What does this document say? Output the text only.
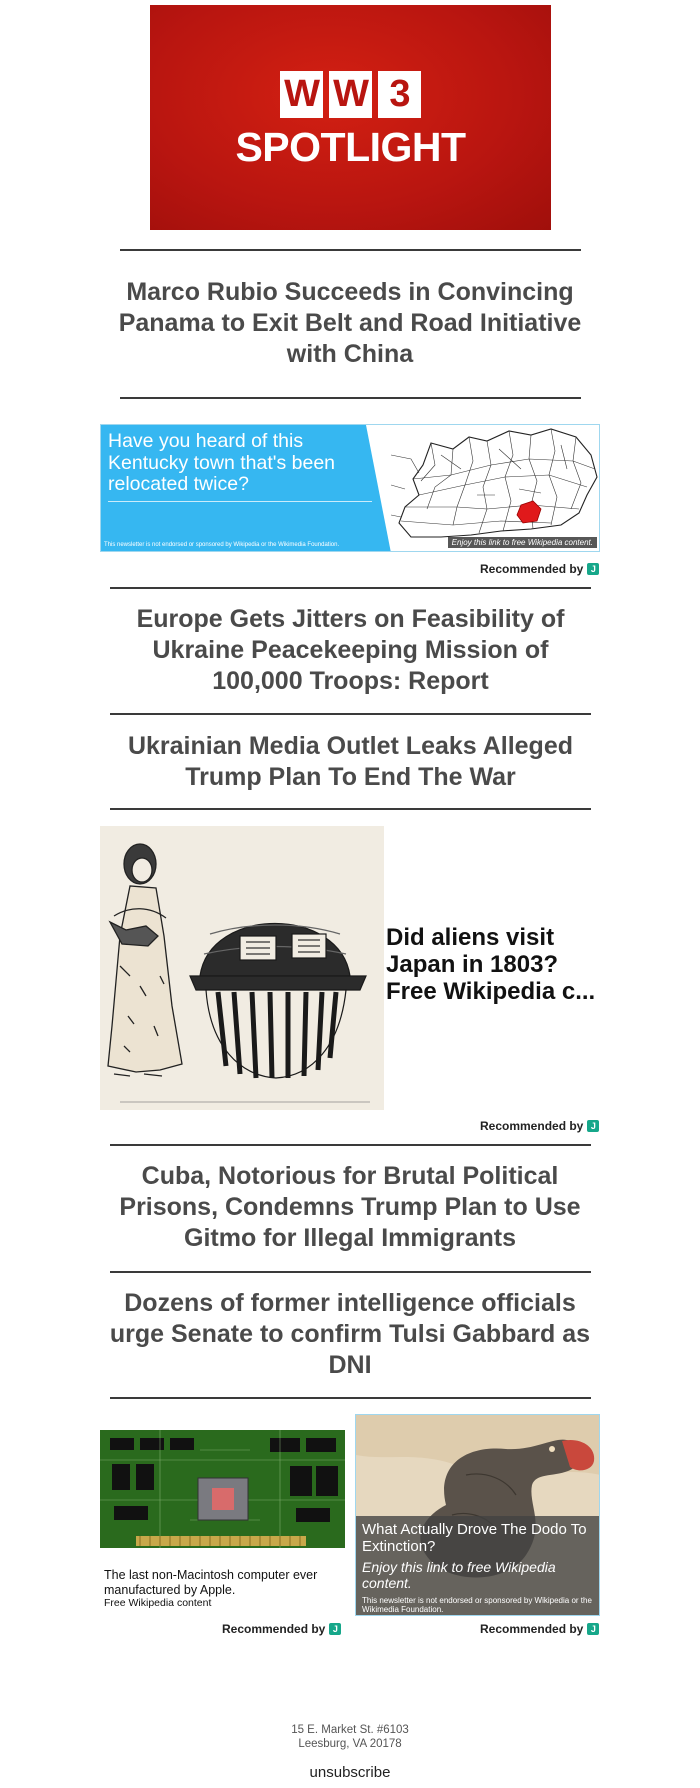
W W 3
SPOTLIGHT
Marco Rubio Succeeds in Convincing Panama to Exit Belt and Road Initiative with China
Have you heard of this Kentucky town that's been relocated twice?
This newsletter is not endorsed or sponsored by Wikipedia or the Wikimedia Foundation.	Enjoy this link to free Wikipedia content.
Recommended by J
Europe Gets Jitters on Feasibility of Ukraine Peacekeeping Mission of 100,000 Troops: Report
Ukrainian Media Outlet Leaks Alleged Trump Plan To End The War
Did aliens visit Japan in 1803? Free Wikipedia c...
Recommended by J
Cuba, Notorious for Brutal Political Prisons, Condemns Trump Plan to Use Gitmo for Illegal Immigrants
Dozens of former intelligence officials urge Senate to confirm Tulsi Gabbard as DNI
The last non-Macintosh computer ever manufactured by Apple.
Free Wikipedia content
What Actually Drove The Dodo To Extinction?
Enjoy this link to free Wikipedia content.
This newsletter is not endorsed or sponsored by Wikipedia or the Wikimedia Foundation.
Recommended by J	Recommended by J
15 E. Market St. #6103
Leesburg, VA 20178
unsubscribe
